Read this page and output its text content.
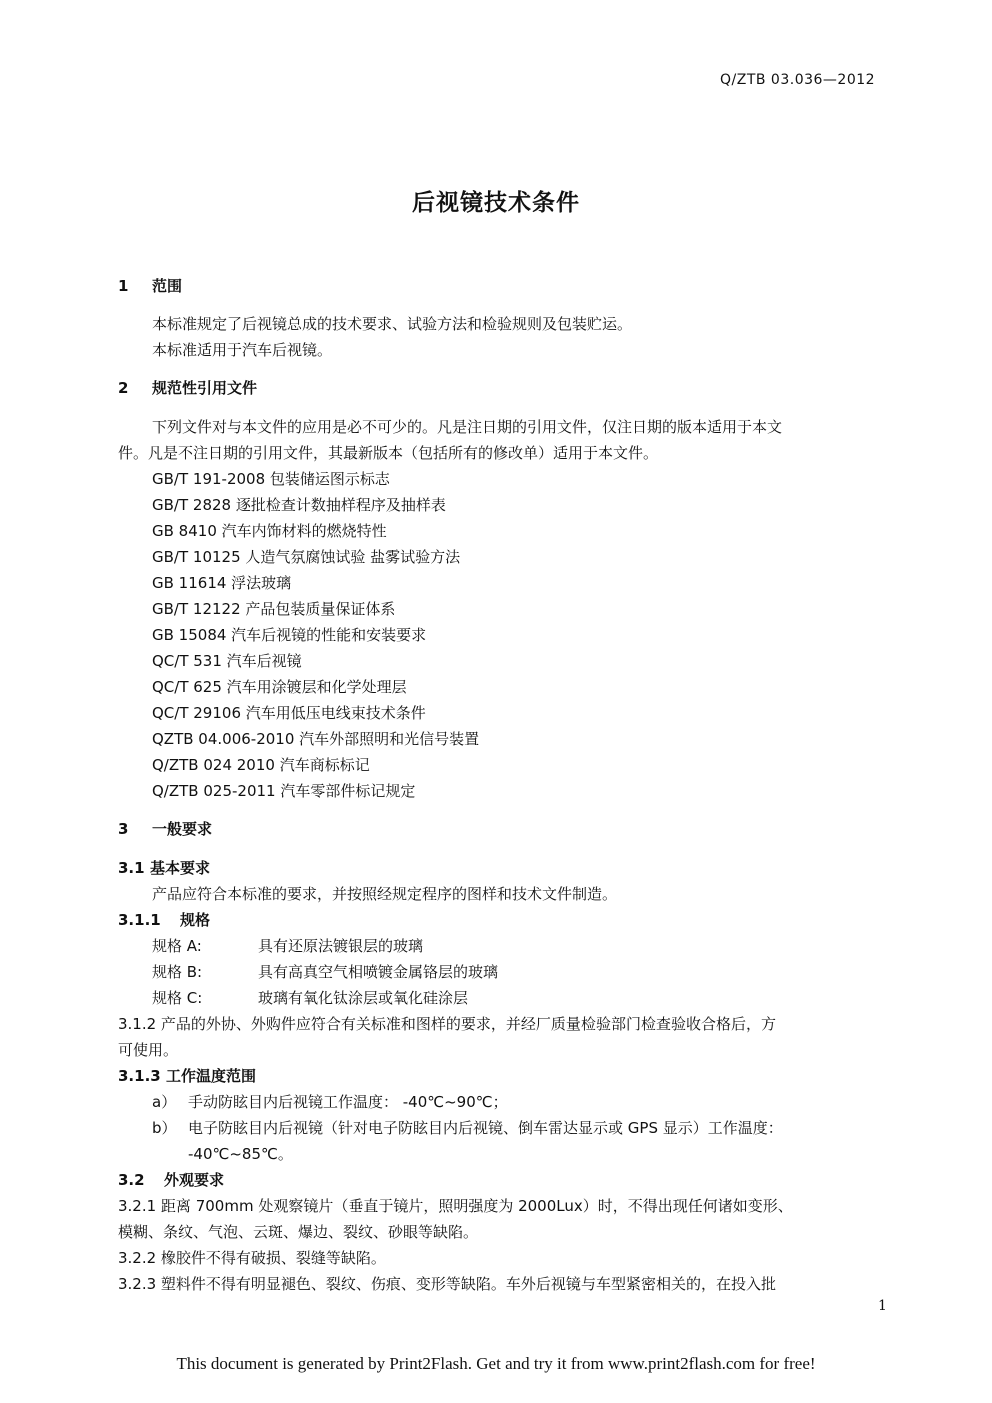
Q/ZTB 03.036—2012
后视镜技术条件
1 范围
本标准规定了后视镜总成的技术要求、试验方法和检验规则及包装贮运。
本标准适用于汽车后视镜。
2 规范性引用文件
下列文件对与本文件的应用是必不可少的。凡是注日期的引用文件，仅注日期的版本适用于本文
件。凡是不注日期的引用文件，其最新版本（包括所有的修改单）适用于本文件。
GB/T 191-2008 包装储运图示标志
GB/T 2828 逐批检查计数抽样程序及抽样表
GB 8410 汽车内饰材料的燃烧特性
GB/T 10125 人造气氛腐蚀试验 盐雾试验方法
GB 11614 浮法玻璃
GB/T 12122 产品包装质量保证体系
GB 15084 汽车后视镜的性能和安装要求
QC/T 531 汽车后视镜
QC/T 625 汽车用涂镀层和化学处理层
QC/T 29106 汽车用低压电线束技术条件
QZTB 04.006-2010 汽车外部照明和光信号装置
Q/ZTB 024 2010 汽车商标标记
Q/ZTB 025-2011 汽车零部件标记规定
3 一般要求
3.1 基本要求
产品应符合本标准的要求，并按照经规定程序的图样和技术文件制造。
3.1.1 规格
规格 A:	具有还原法镀银层的玻璃
规格 B:	具有高真空气相喷镀金属铬层的玻璃
规格 C:	玻璃有氧化钛涂层或氧化硅涂层
3.1.2 产品的外协、外购件应符合有关标准和图样的要求，并经厂质量检验部门检查验收合格后，方
可使用。
3.1.3 工作温度范围
a） 手动防眩目内后视镜工作温度： -40℃~90℃；
b） 电子防眩目内后视镜（针对电子防眩目内后视镜、倒车雷达显示或 GPS 显示）工作温度：
-40℃~85℃。
3.2 外观要求
3.2.1 距离 700mm 处观察镜片（垂直于镜片，照明强度为 2000Lux）时，不得出现任何诸如变形、
模糊、条纹、气泡、云斑、爆边、裂纹、砂眼等缺陷。
3.2.2 橡胶件不得有破损、裂缝等缺陷。
3.2.3 塑料件不得有明显褪色、裂纹、伤痕、变形等缺陷。车外后视镜与车型紧密相关的，在投入批
1
This document is generated by Print2Flash. Get and try it from www.print2flash.com for free!
